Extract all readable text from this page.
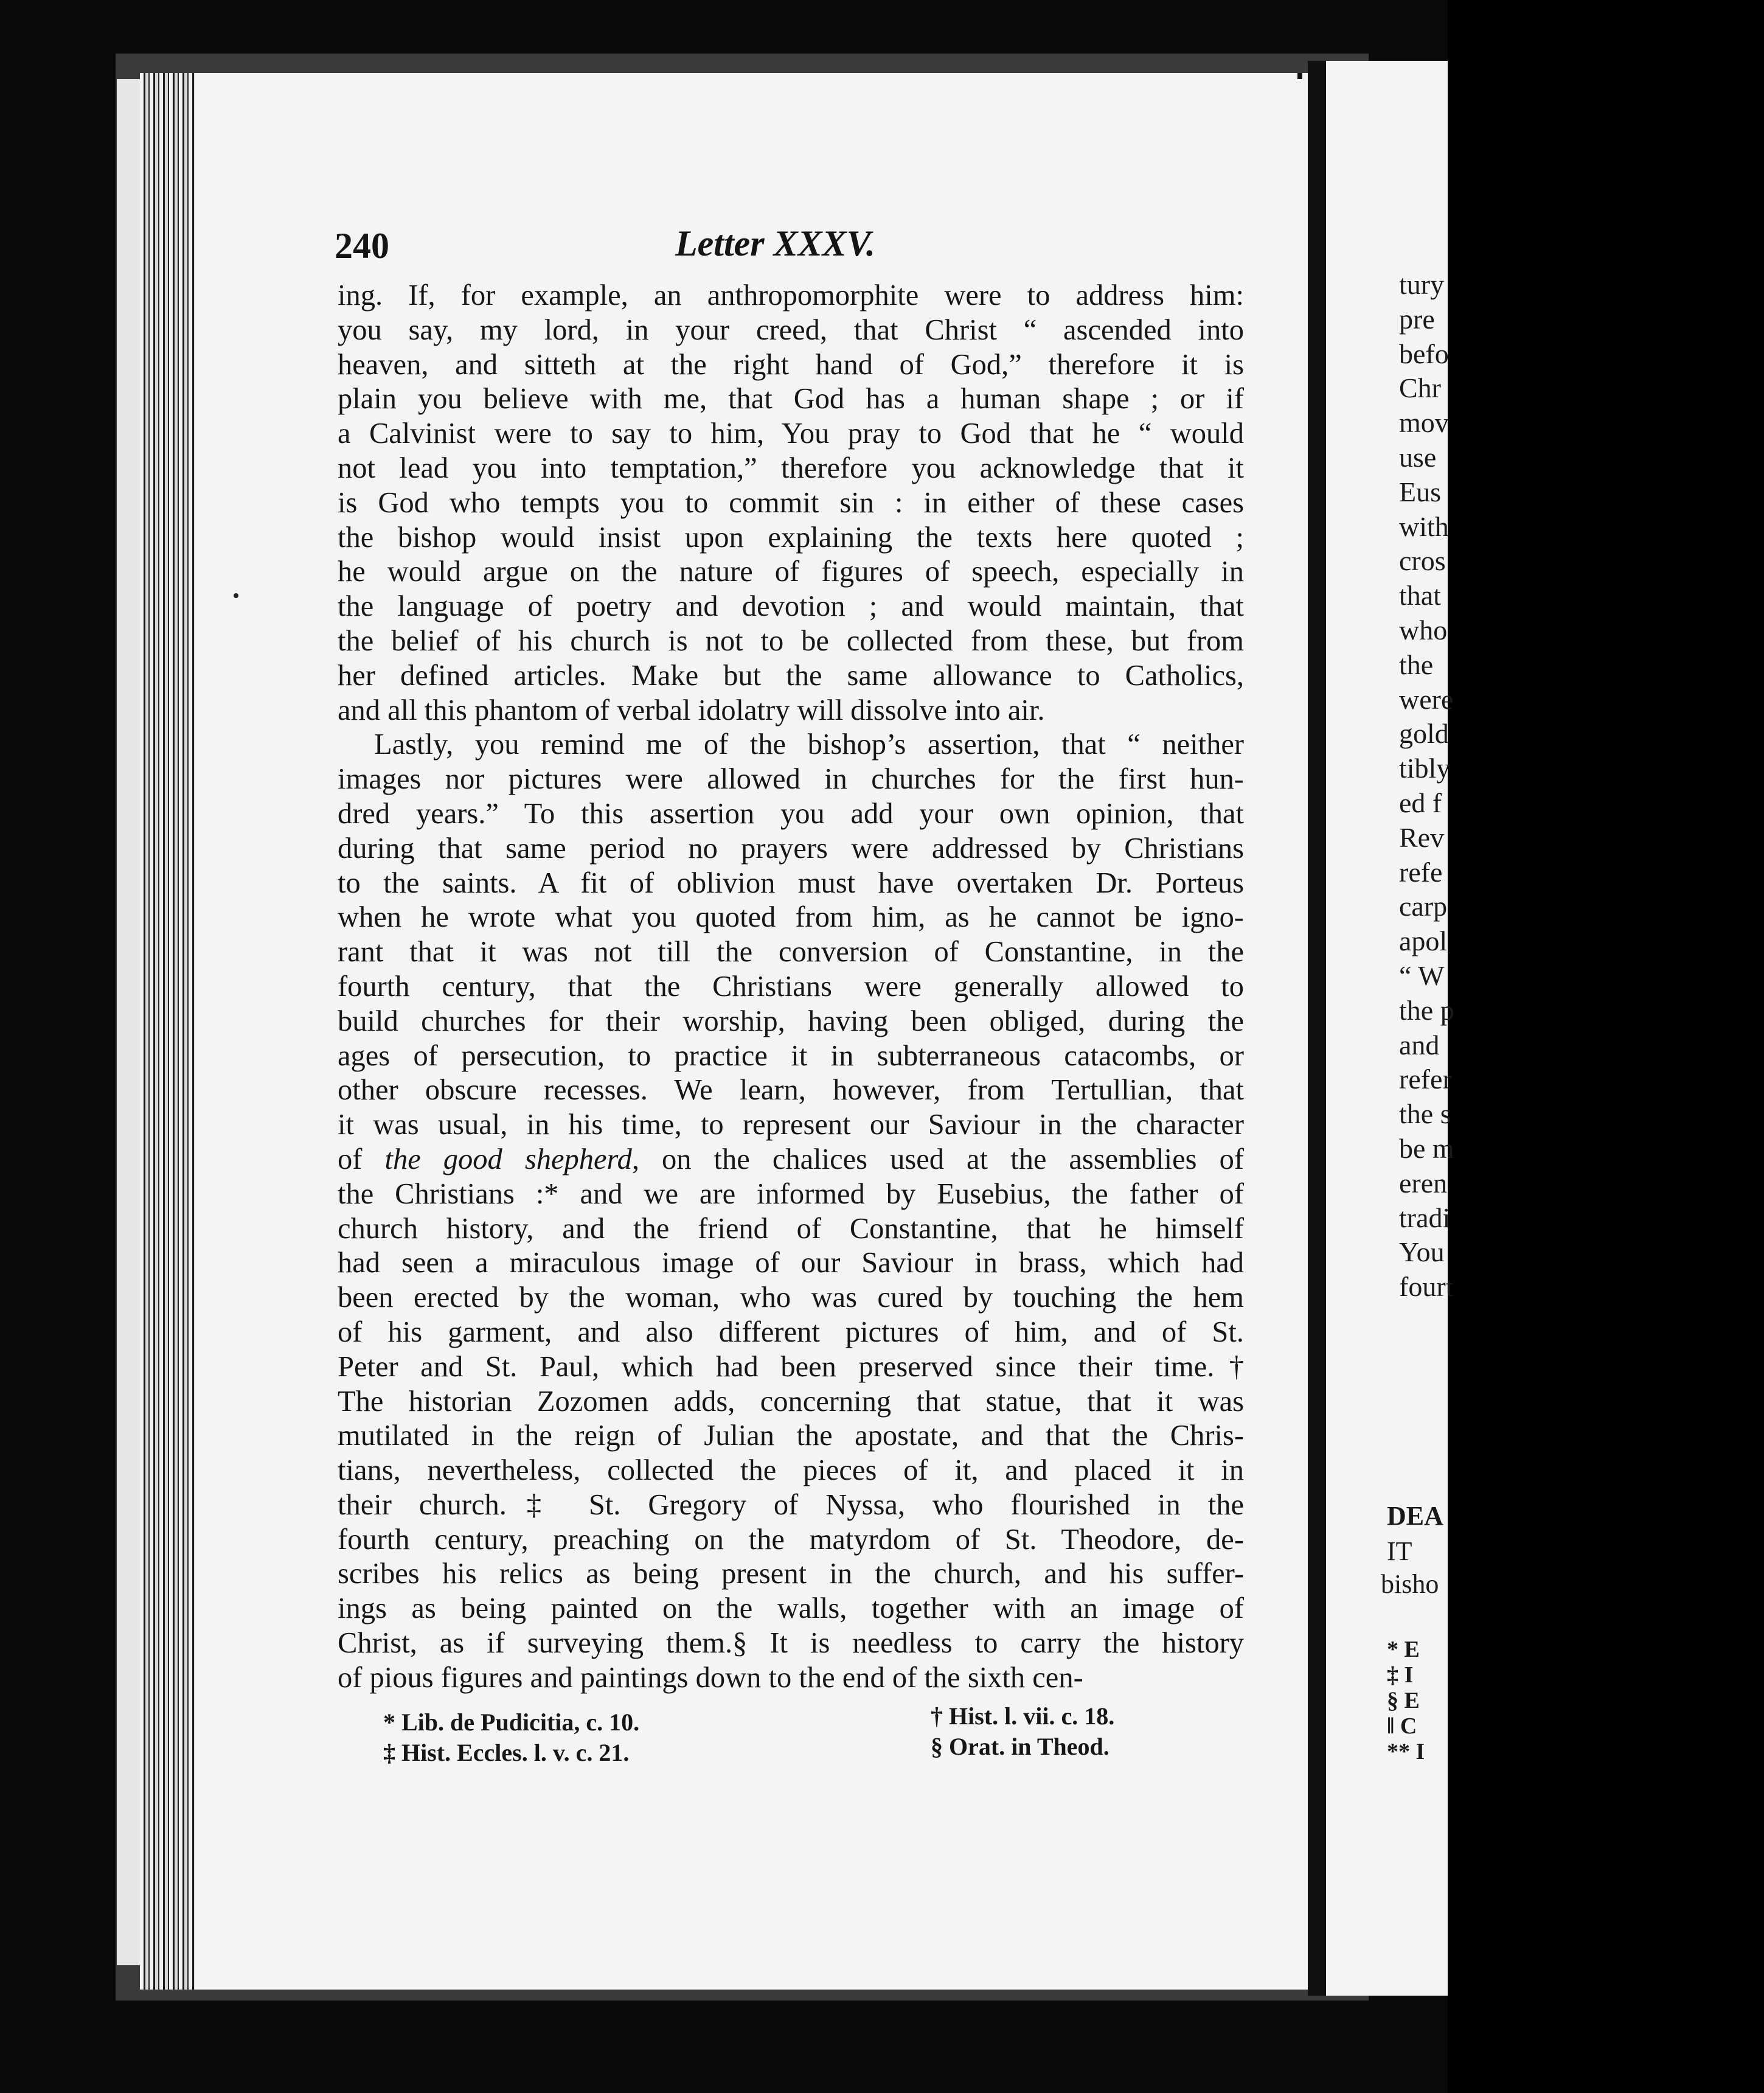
tury
pre
befo
Chr
mov
use
Eus
with
cros
that
who
the
were
gold
tibly
ed f
Rev
refe
carp
apol
“ W
the p
and
refer
the s
be m
eren
tradi
You
fourt
DEA
IT
bisho
* E
‡ I
§ E
‖ C
** I
240	Letter XXXV.
ing. If, for example, an anthropomorphite were to address him:
you say, my lord, in your creed, that Christ “ ascended into
heaven, and sitteth at the right hand of God,” therefore it is
plain you believe with me, that God has a human shape ; or if
a Calvinist were to say to him, You pray to God that he “ would
not lead you into temptation,” therefore you acknowledge that it
is God who tempts you to commit sin : in either of these cases
the bishop would insist upon explaining the texts here quoted ;
he would argue on the nature of figures of speech, especially in
the language of poetry and devotion ; and would maintain, that
the belief of his church is not to be collected from these, but from
her defined articles. Make but the same allowance to Catholics,
and all this phantom of verbal idolatry will dissolve into air.
Lastly, you remind me of the bishop’s assertion, that “ neither
images nor pictures were allowed in churches for the first hun-
dred years.” To this assertion you add your own opinion, that
during that same period no prayers were addressed by Christians
to the saints. A fit of oblivion must have overtaken Dr. Porteus
when he wrote what you quoted from him, as he cannot be igno-
rant that it was not till the conversion of Constantine, in the
fourth century, that the Christians were generally allowed to
build churches for their worship, having been obliged, during the
ages of persecution, to practice it in subterraneous catacombs, or
other obscure recesses. We learn, however, from Tertullian, that
it was usual, in his time, to represent our Saviour in the character
of the good shepherd, on the chalices used at the assemblies of
the Christians :* and we are informed by Eusebius, the father of
church history, and the friend of Constantine, that he himself
had seen a miraculous image of our Saviour in brass, which had
been erected by the woman, who was cured by touching the hem
of his garment, and also different pictures of him, and of St.
Peter and St. Paul, which had been preserved since their time.†
The historian Zozomen adds, concerning that statue, that it was
mutilated in the reign of Julian the apostate, and that the Chris-
tians, nevertheless, collected the pieces of it, and placed it in
their church.‡ St. Gregory of Nyssa, who flourished in the
fourth century, preaching on the matyrdom of St. Theodore, de-
scribes his relics as being present in the church, and his suffer-
ings as being painted on the walls, together with an image of
Christ, as if surveying them.§ It is needless to carry the history
of pious figures and paintings down to the end of the sixth cen-
* Lib. de Pudicitia, c. 10.	† Hist. l. vii. c. 18.
‡ Hist. Eccles. l. v. c. 21.	§ Orat. in Theod.
